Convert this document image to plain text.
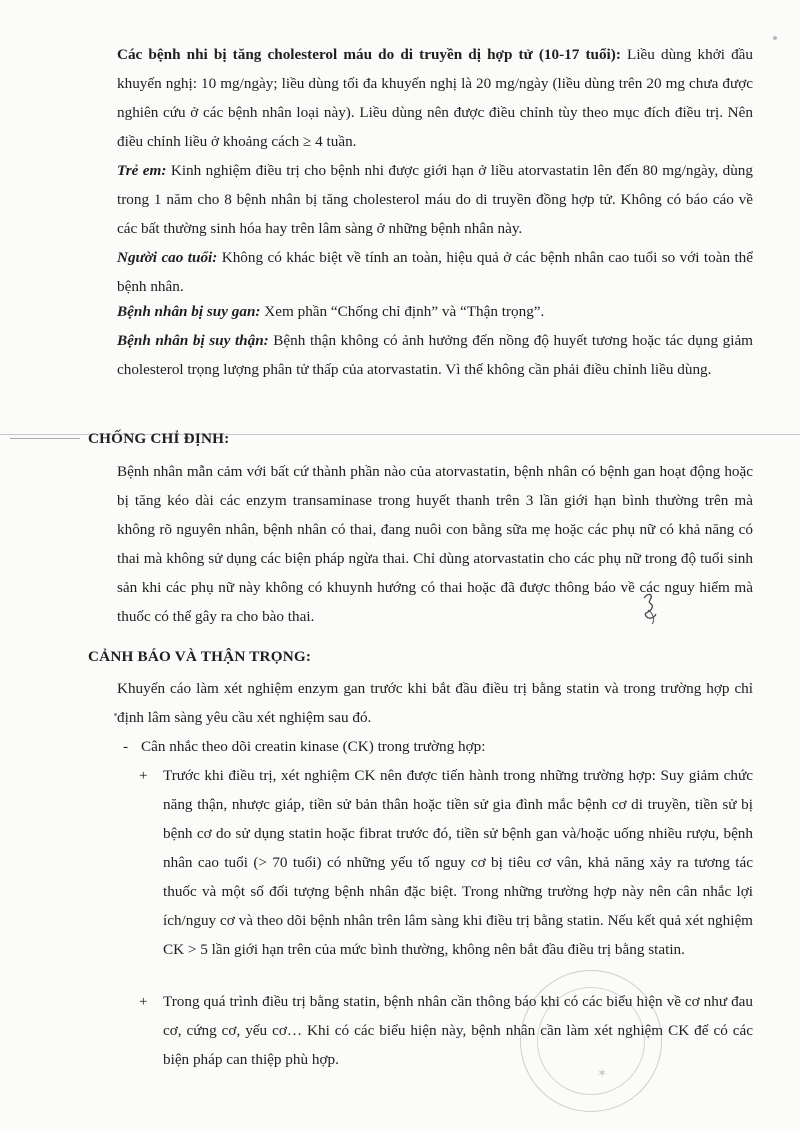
Các bệnh nhi bị tăng cholesterol máu do di truyền dị hợp tử (10-17 tuổi): Liều dùng khởi đầu khuyến nghị: 10 mg/ngày; liều dùng tối đa khuyến nghị là 20 mg/ngày (liều dùng trên 20 mg chưa được nghiên cứu ở các bệnh nhân loại này). Liều dùng nên được điều chỉnh tùy theo mục đích điều trị. Nên điều chỉnh liều ở khoảng cách ≥ 4 tuần.

Trẻ em: Kinh nghiệm điều trị cho bệnh nhi được giới hạn ở liều atorvastatin lên đến 80 mg/ngày, dùng trong 1 năm cho 8 bệnh nhân bị tăng cholesterol máu do di truyền đồng hợp tử. Không có báo cáo về các bất thường sinh hóa hay trên lâm sàng ở những bệnh nhân này.

Người cao tuổi: Không có khác biệt về tính an toàn, hiệu quả ở các bệnh nhân cao tuổi so với toàn thể bệnh nhân.

Bệnh nhân bị suy gan: Xem phần “Chống chỉ định” và “Thận trọng”.

Bệnh nhân bị suy thận: Bệnh thận không có ảnh hưởng đến nồng độ huyết tương hoặc tác dụng giảm cholesterol trọng lượng phân tử thấp của atorvastatin. Vì thế không cần phải điều chỉnh liều dùng.

CHỐNG CHỈ ĐỊNH:

Bệnh nhân mẫn cảm với bất cứ thành phần nào của atorvastatin, bệnh nhân có bệnh gan hoạt động hoặc bị tăng kéo dài các enzym transaminase trong huyết thanh trên 3 lần giới hạn bình thường trên mà không rõ nguyên nhân, bệnh nhân có thai, đang nuôi con bằng sữa mẹ hoặc các phụ nữ có khả năng có thai mà không sử dụng các biện pháp ngừa thai. Chỉ dùng atorvastatin cho các phụ nữ trong độ tuổi sinh sản khi các phụ nữ này không có khuynh hướng có thai hoặc đã được thông báo về các nguy hiểm mà thuốc có thể gây ra cho bào thai.

CẢNH BÁO VÀ THẬN TRỌNG:

Khuyến cáo làm xét nghiệm enzym gan trước khi bắt đầu điều trị bằng statin và trong trường hợp chỉ định lâm sàng yêu cầu xét nghiệm sau đó.

- Cân nhắc theo dõi creatin kinase (CK) trong trường hợp:

+ Trước khi điều trị, xét nghiệm CK nên được tiến hành trong những trường hợp: Suy giảm chức năng thận, nhược giáp, tiền sử bản thân hoặc tiền sử gia đình mắc bệnh cơ di truyền, tiền sử bị bệnh cơ do sử dụng statin hoặc fibrat trước đó, tiền sử bệnh gan và/hoặc uống nhiều rượu, bệnh nhân cao tuổi (> 70 tuổi) có những yếu tố nguy cơ bị tiêu cơ vân, khả năng xảy ra tương tác thuốc và một số đối tượng bệnh nhân đặc biệt. Trong những trường hợp này nên cân nhắc lợi ích/nguy cơ và theo dõi bệnh nhân trên lâm sàng khi điều trị bằng statin. Nếu kết quả xét nghiệm CK > 5 lần giới hạn trên của mức bình thường, không nên bắt đầu điều trị bằng statin.

+ Trong quá trình điều trị bằng statin, bệnh nhân cần thông báo khi có các biểu hiện về cơ như đau cơ, cứng cơ, yếu cơ… Khi có các biểu hiện này, bệnh nhân cần làm xét nghiệm CK để có các biện pháp can thiệp phù hợp.

✶
